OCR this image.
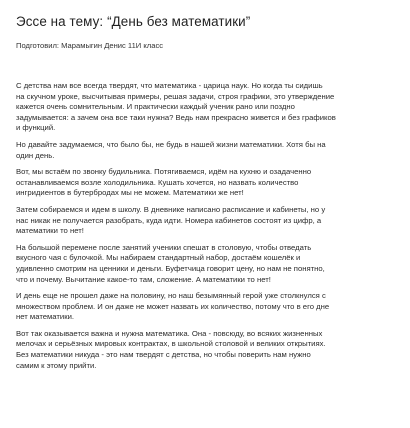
Эссе на тему: “День без математики”
Подготовил: Марамыгин Денис 11И класс

С детства нам все всегда твердят, что математика - царица наук. Но когда ты сидишь
на скучном уроке, высчитывая примеры, решая задачи, строя графики, это утверждение
кажется очень сомнительным. И практически каждый ученик рано или поздно
задумывается: а зачем она все таки нужна? Ведь нам прекрасно живется и без графиков
и функций.

Но давайте задумаемся, что было бы, не будь в нашей жизни математики. Хотя бы на
один день.

Вот, мы встаём по звонку будильника. Потягиваемся, идём на кухню и озадаченно
останавливаемся возле холодильника. Кушать хочется, но назвать количество
ингридиентов в бутербродах мы не можем. Математики же нет!

Затем собираемся и идем в школу. В дневнике написано расписание и кабинеты, но у
нас никак не получается разобрать, куда идти. Номера кабинетов состоят из цифр, а
математики то нет!

На большой перемене после занятий ученики спешат в столовую, чтобы отведать
вкусного чая с булочкой. Мы набираем стандартный набор, достаём кошелёк и
удивленно смотрим на ценники и деньги. Буфетчица говорит цену, но нам не понятно,
что и почему. Вычитание какое-то там, сложение. А математики то нет!

И день еще не прошел даже на половину, но наш безымянный герой уже столкнулся с
множеством проблем. И он даже не может назвать их количество, потому что в его дне
нет математики.

Вот так оказывается важна и нужна математика. Она - повсюду, во всяких жизненных
мелочах и серьёзных мировых контрактах, в школьной столовой и великих открытиях.
Без математики никуда - это нам твердят с детства, но чтобы поверить нам нужно
самим к этому прийти.
